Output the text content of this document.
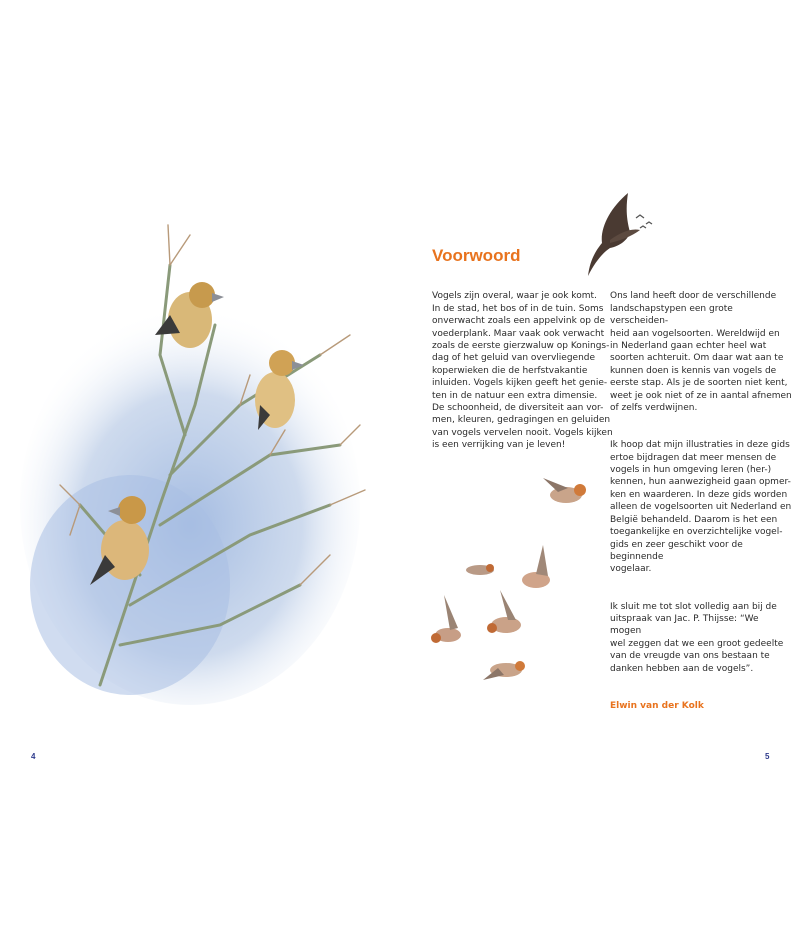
Voorwoord

Vogels zijn overal, waar je ook komt.
In de stad, het bos of in de tuin. Soms
onverwacht zoals een appelvink op de
voederplank. Maar vaak ook verwacht
zoals de eerste gierzwaluw op Konings-
dag of het geluid van overvliegende
koperwieken die de herfstvakantie
inluiden. Vogels kijken geeft het genie-
ten in de natuur een extra dimensie.
De schoonheid, de diversiteit aan vor-
men, kleuren, gedragingen en geluiden
van vogels vervelen nooit. Vogels kijken
is een verrijking van je leven!

Ons land heeft door de verschillende
landschapstypen een grote verscheiden-
heid aan vogelsoorten. Wereldwijd en
in Nederland gaan echter heel wat
soorten achteruit. Om daar wat aan te
kunnen doen is kennis van vogels de
eerste stap. Als je de soorten niet kent,
weet je ook niet of ze in aantal afnemen
of zelfs verdwijnen.

Ik hoop dat mijn illustraties in deze gids
ertoe bijdragen dat meer mensen de
vogels in hun omgeving leren (her-)
kennen, hun aanwezigheid gaan opmer-
ken en waarderen. In deze gids worden
alleen de vogelsoorten uit Nederland en
België behandeld. Daarom is het een
toegankelijke en overzichtelijke vogel-
gids en zeer geschikt voor de beginnende
vogelaar.

Ik sluit me tot slot volledig aan bij de
uitspraak van Jac. P. Thijsse: “We mogen
wel zeggen dat we een groot gedeelte
van de vreugde van ons bestaan te
danken hebben aan de vogels”.

Elwin van der Kolk

4	5
